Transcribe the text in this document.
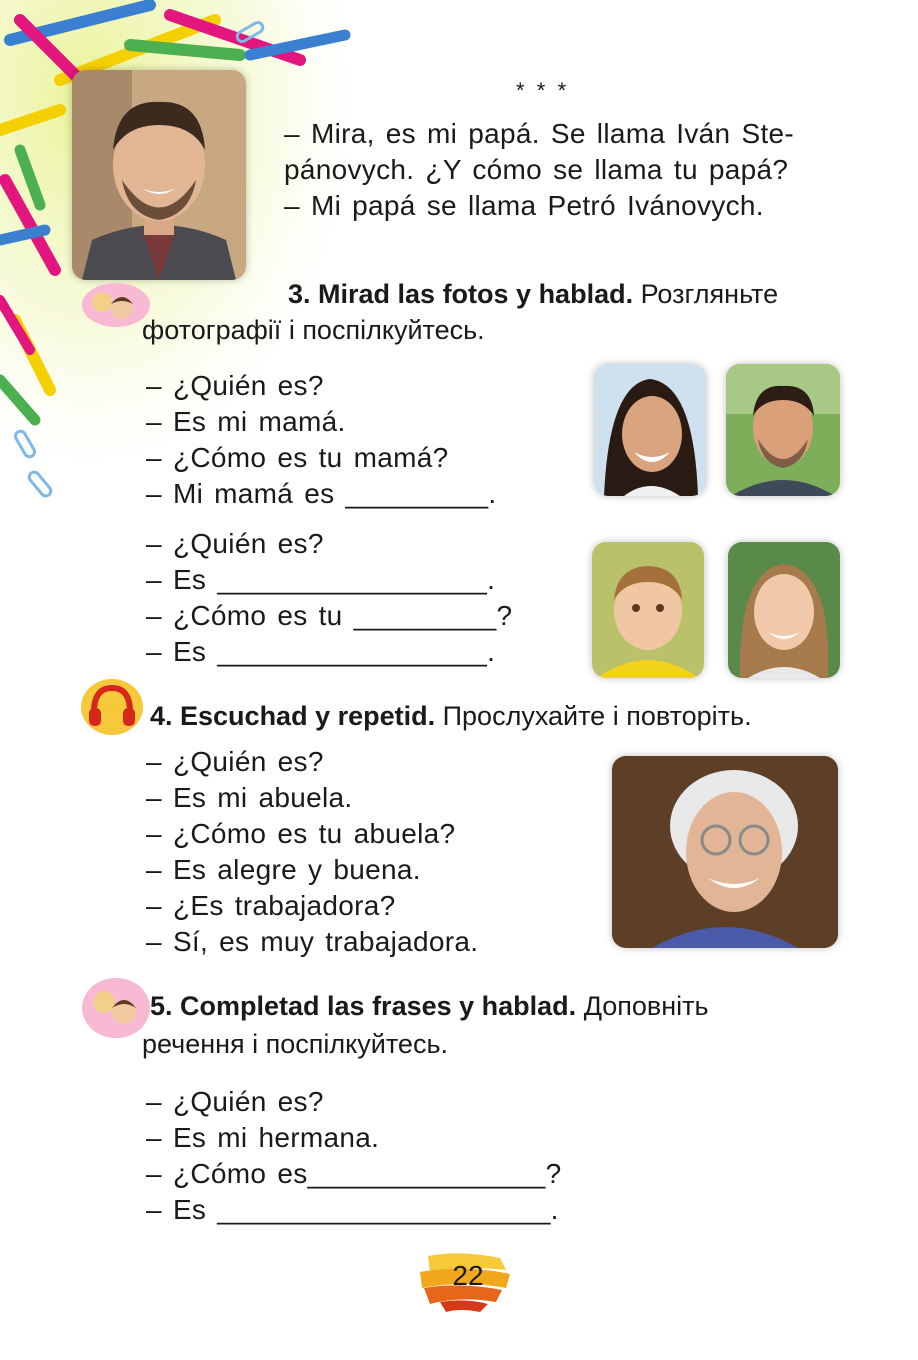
*  *  *
– Mira, es mi papá. Se llama Iván Ste-
pánovych. ¿Y cómo se llama tu papá?
– Mi papá se llama Petró Ivánovych.
3. Mirad las fotos y hablad. Розгляньте
фотографії і поспілкуйтесь.
– ¿Quién es?
– Es mi mamá.
– ¿Cómo es tu mamá?
– Mi mamá es _________.
– ¿Quién es?
– Es _________________.
– ¿Cómo es tu _________?
– Es _________________.
4. Escuchad y repetid. Прослухайте і повторіть.
– ¿Quién es?
– Es mi abuela.
– ¿Cómo es tu abuela?
– Es alegre y buena.
– ¿Es trabajadora?
– Sí, es muy trabajadora.
5. Completad las frases y hablad. Доповніть
речення і поспілкуйтесь.
– ¿Quién es?
– Es mi hermana.
– ¿Cómo es_______________?
– Es _____________________.
22
